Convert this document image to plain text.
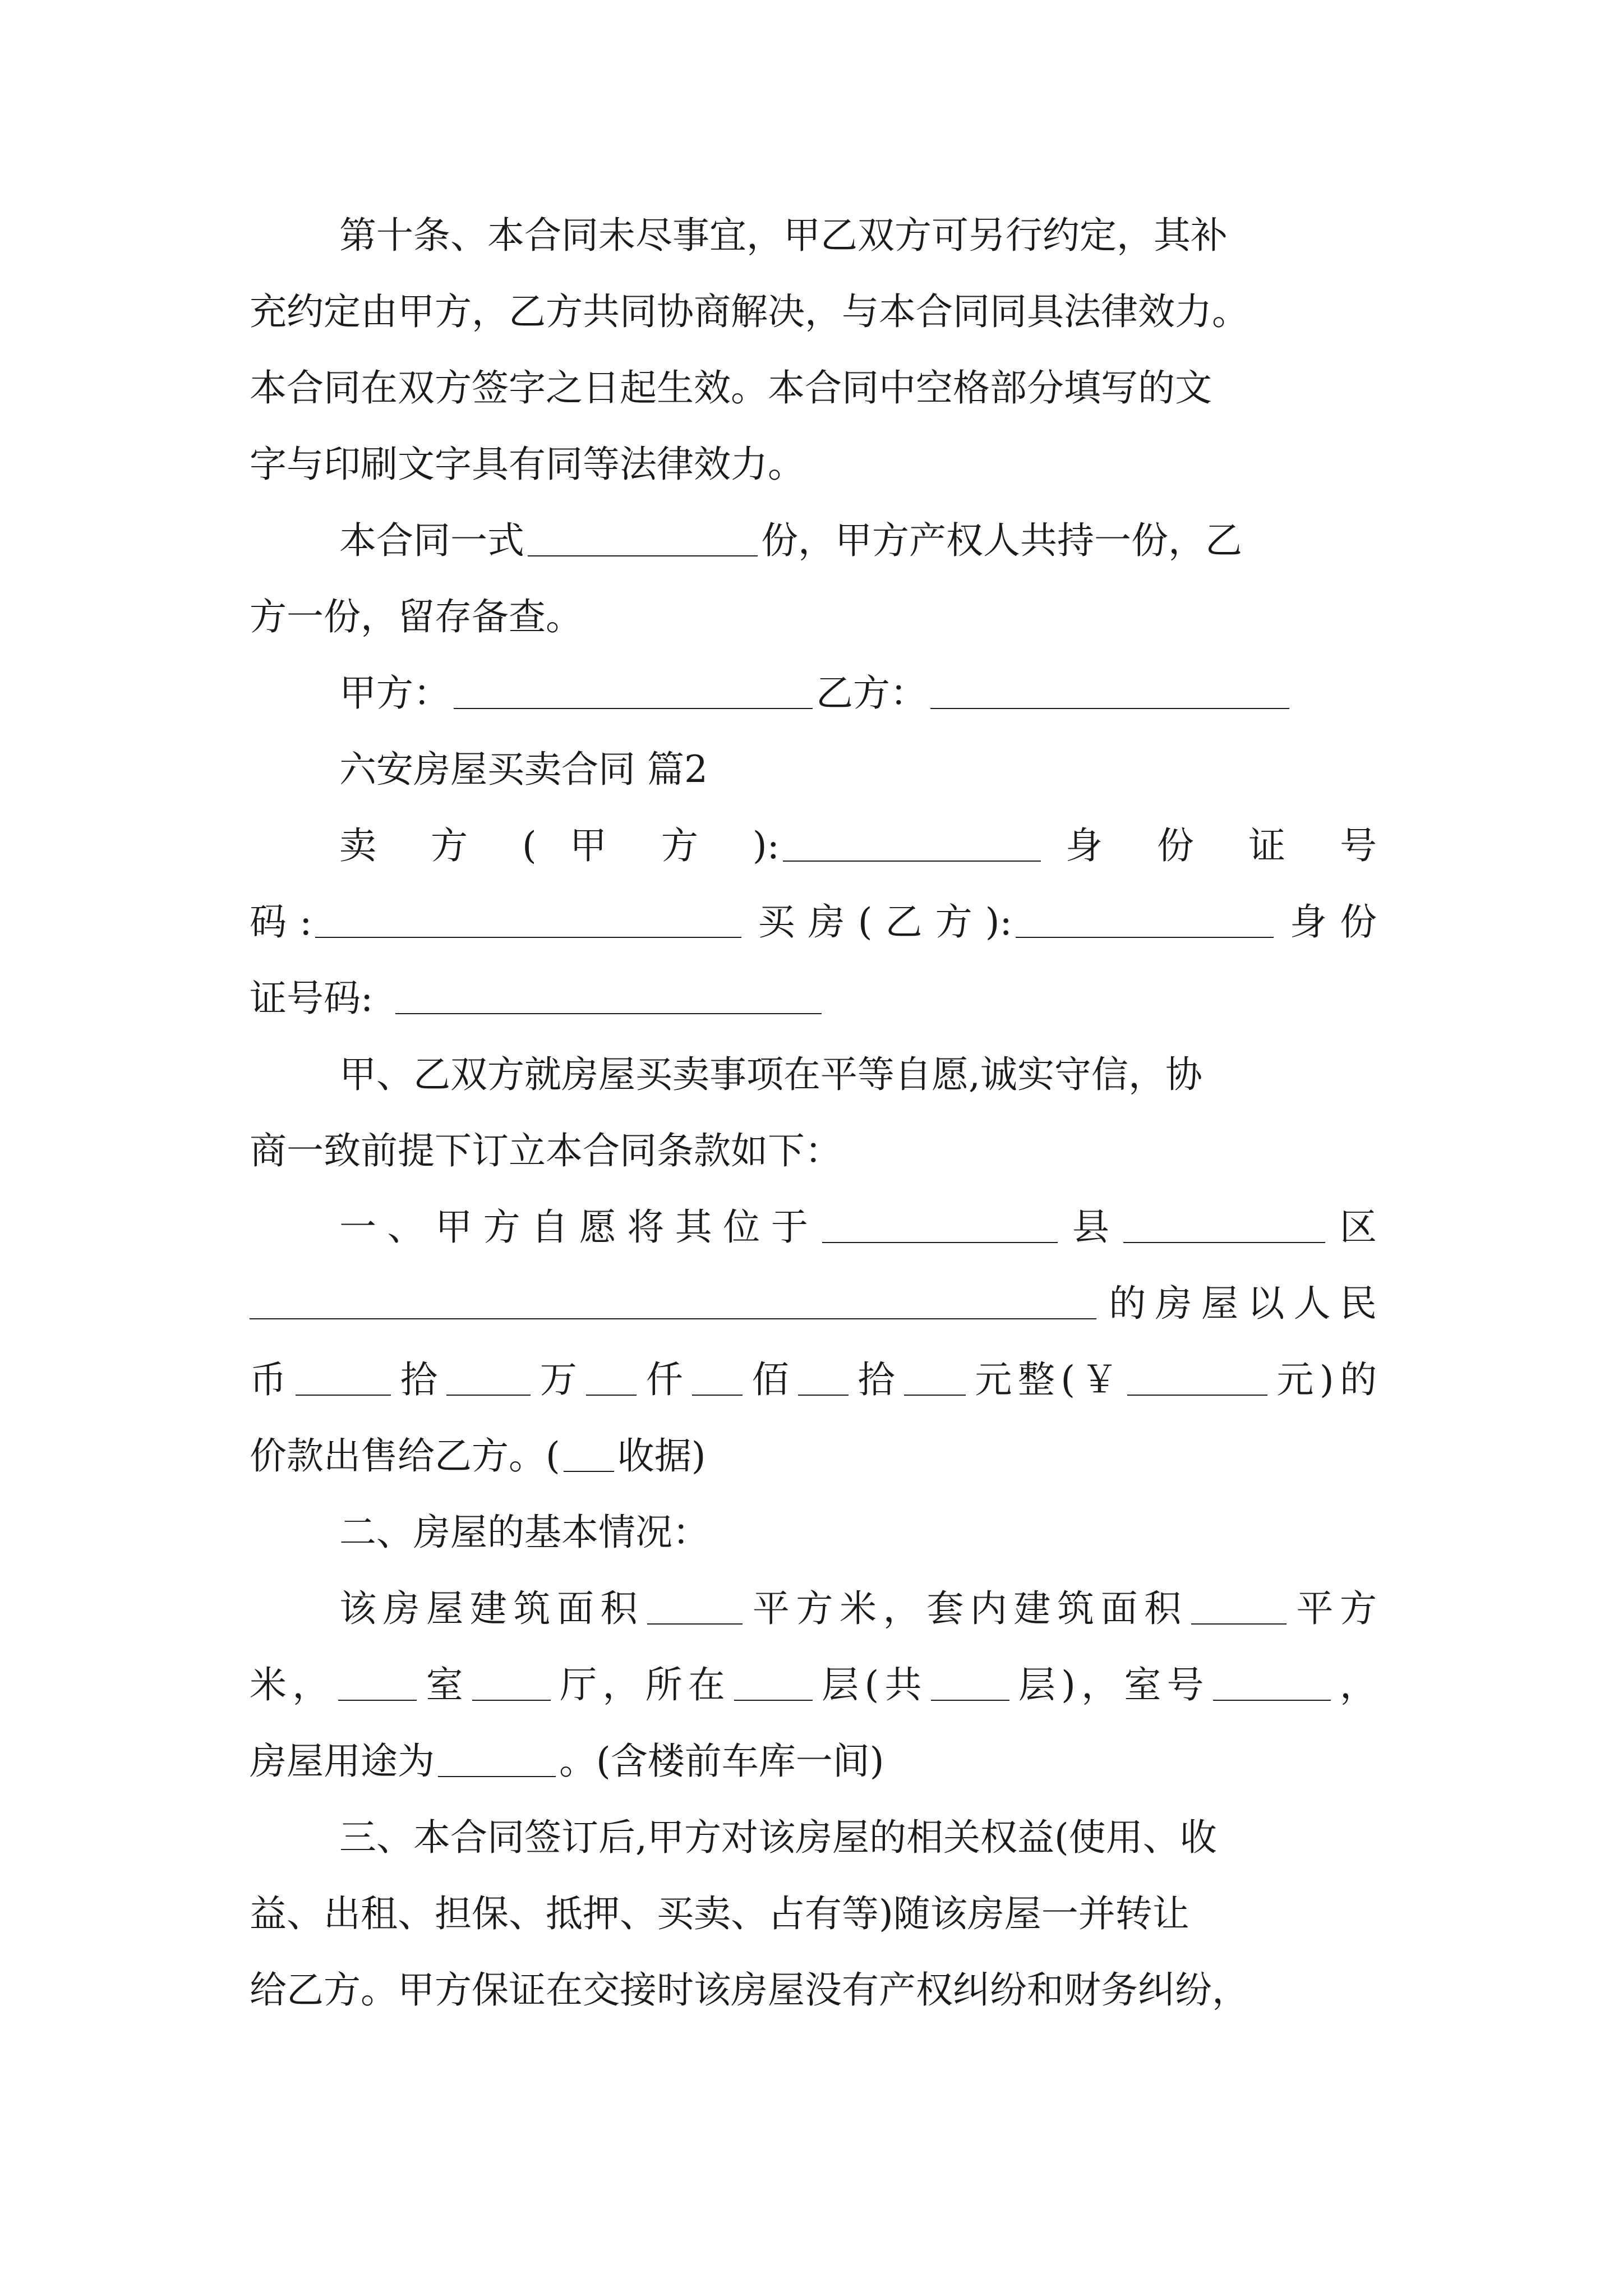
第十条、本合同未尽事宜，甲乙双方可另行约定，其补
充约定由甲方，乙方共同协商解决，与本合同同具法律效力。
本合同在双方签字之日起生效。本合同中空格部分填写的文
字与印刷文字具有同等法律效力。
本合同一式	份，甲方产权人共持一份，乙
方一份，留存备查。
甲方：	乙方：
六安房屋买卖合同 篇2
卖 方 ( 甲 方 ):	身 份 证 号
码:	买房(乙方):	身份
证号码:
甲、乙双方就房屋买卖事项在平等自愿,诚实守信，协
商一致前提下订立本合同条款如下：
一、甲方自愿将其位于	县	区
的房屋以人民
币	拾 万 仟 佰 拾 元整(￥	元)的
价款出售给乙方。( 收据)
二、房屋的基本情况：
该房屋建筑面积	平方米，套内建筑面积	平方
米， 室 厅，所在 层(共 层)，室号	，
房屋用途为	。(含楼前车库一间)
三、本合同签订后,甲方对该房屋的相关权益(使用、收
益、出租、担保、抵押、买卖、占有等)随该房屋一并转让
给乙方。甲方保证在交接时该房屋没有产权纠纷和财务纠纷，
